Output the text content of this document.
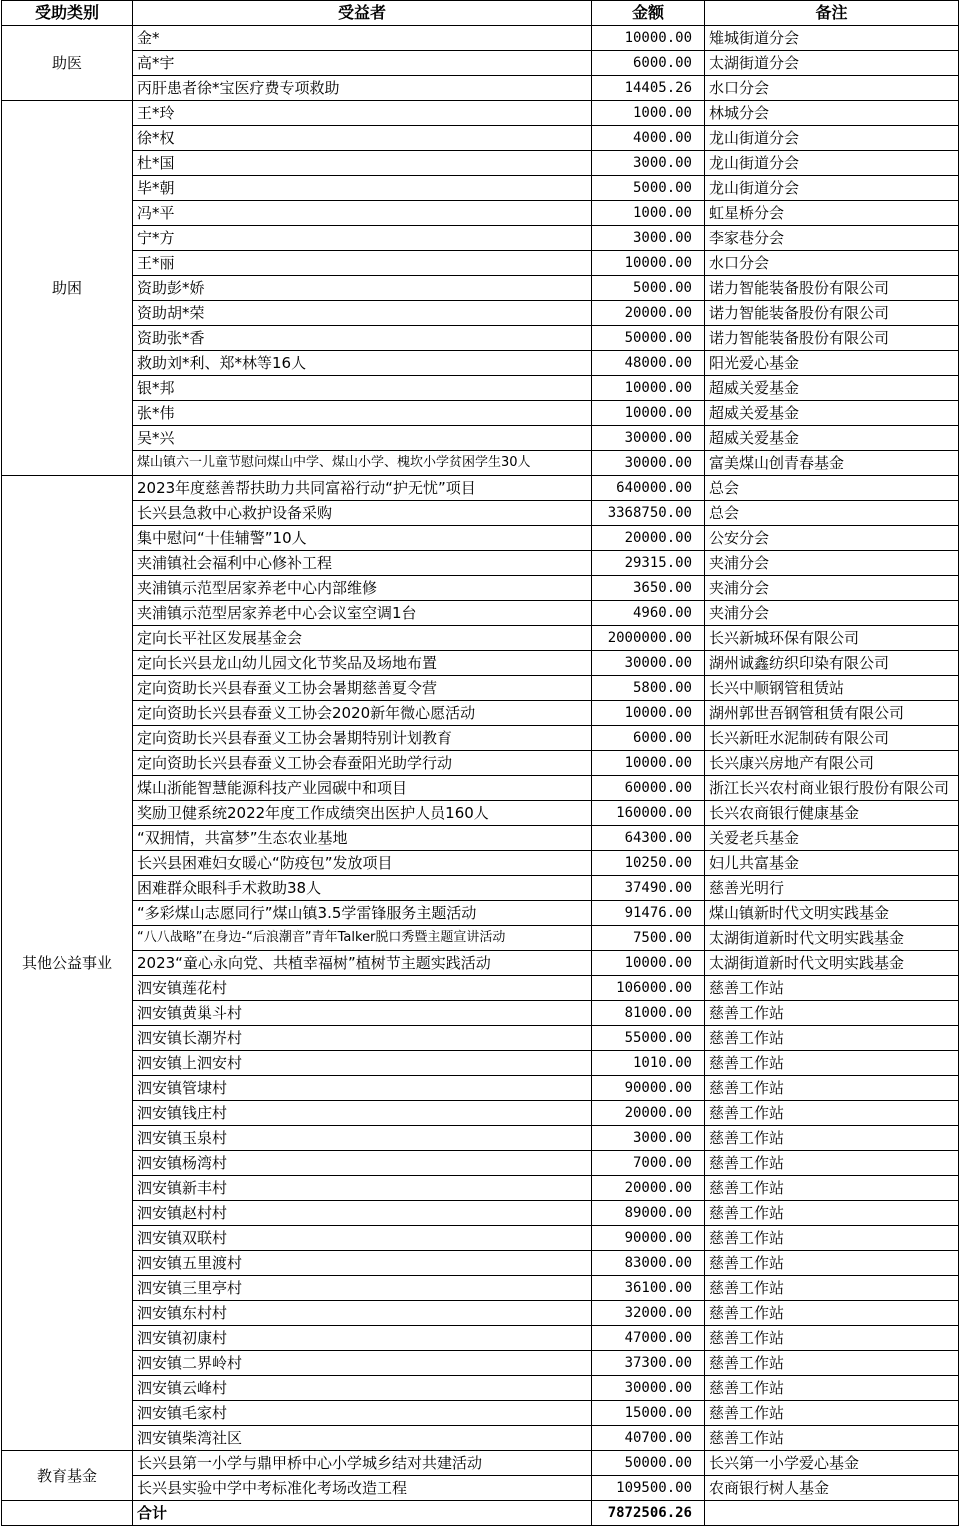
受助类别	受益者	金额	备注
助医	金*	10000.00	雉城街道分会
	高*宇	6000.00	太湖街道分会
	丙肝患者徐*宝医疗费专项救助	14405.26	水口分会
助困	王*玲	1000.00	林城分会
	徐*权	4000.00	龙山街道分会
	杜*国	3000.00	龙山街道分会
	毕*朝	5000.00	龙山街道分会
	冯*平	1000.00	虹星桥分会
	宁*方	3000.00	李家巷分会
	王*丽	10000.00	水口分会
	资助彭*娇	5000.00	诺力智能装备股份有限公司
	资助胡*荣	20000.00	诺力智能装备股份有限公司
	资助张*香	50000.00	诺力智能装备股份有限公司
	救助刘*利、郑*林等16人	48000.00	阳光爱心基金
	银*邦	10000.00	超威关爱基金
	张*伟	10000.00	超威关爱基金
	吴*兴	30000.00	超威关爱基金
	煤山镇六一儿童节慰问煤山中学、煤山小学、槐坎小学贫困学生30人	30000.00	富美煤山创青春基金
其他公益事业	2023年度慈善帮扶助力共同富裕行动“护无忧”项目	640000.00	总会
	长兴县急救中心救护设备采购	3368750.00	总会
	集中慰问“十佳辅警”10人	20000.00	公安分会
	夹浦镇社会福利中心修补工程	29315.00	夹浦分会
	夹浦镇示范型居家养老中心内部维修	3650.00	夹浦分会
	夹浦镇示范型居家养老中心会议室空调1台	4960.00	夹浦分会
	定向长平社区发展基金会	2000000.00	长兴新城环保有限公司
	定向长兴县龙山幼儿园文化节奖品及场地布置	30000.00	湖州诚鑫纺织印染有限公司
	定向资助长兴县春蚕义工协会暑期慈善夏令营	5800.00	长兴中顺钢管租赁站
	定向资助长兴县春蚕义工协会2020新年微心愿活动	10000.00	湖州郭世吾钢管租赁有限公司
	定向资助长兴县春蚕义工协会暑期特别计划教育	6000.00	长兴新旺水泥制砖有限公司
	定向资助长兴县春蚕义工协会春蚕阳光助学行动	10000.00	长兴康兴房地产有限公司
	煤山浙能智慧能源科技产业园碳中和项目	60000.00	浙江长兴农村商业银行股份有限公司
	奖励卫健系统2022年度工作成绩突出医护人员160人	160000.00	长兴农商银行健康基金
	“双拥情，共富梦”生态农业基地	64300.00	关爱老兵基金
	长兴县困难妇女暖心“防疫包”发放项目	10250.00	妇儿共富基金
	困难群众眼科手术救助38人	37490.00	慈善光明行
	“多彩煤山志愿同行”煤山镇3.5学雷锋服务主题活动	91476.00	煤山镇新时代文明实践基金
	“八八战略”在身边-“后浪潮音”青年Talker脱口秀暨主题宣讲活动	7500.00	太湖街道新时代文明实践基金
	2023“童心永向党、共植幸福树”植树节主题实践活动	10000.00	太湖街道新时代文明实践基金
	泗安镇莲花村	106000.00	慈善工作站
	泗安镇黄巢斗村	81000.00	慈善工作站
	泗安镇长潮岕村	55000.00	慈善工作站
	泗安镇上泗安村	1010.00	慈善工作站
	泗安镇管埭村	90000.00	慈善工作站
	泗安镇钱庄村	20000.00	慈善工作站
	泗安镇玉泉村	3000.00	慈善工作站
	泗安镇杨湾村	7000.00	慈善工作站
	泗安镇新丰村	20000.00	慈善工作站
	泗安镇赵村村	89000.00	慈善工作站
	泗安镇双联村	90000.00	慈善工作站
	泗安镇五里渡村	83000.00	慈善工作站
	泗安镇三里亭村	36100.00	慈善工作站
	泗安镇东村村	32000.00	慈善工作站
	泗安镇初康村	47000.00	慈善工作站
	泗安镇二界岭村	37300.00	慈善工作站
	泗安镇云峰村	30000.00	慈善工作站
	泗安镇毛家村	15000.00	慈善工作站
	泗安镇柴湾社区	40700.00	慈善工作站
教育基金	长兴县第一小学与鼎甲桥中心小学城乡结对共建活动	50000.00	长兴第一小学爱心基金
	长兴县实验中学中考标准化考场改造工程	109500.00	农商银行树人基金
	合计	7872506.26	
